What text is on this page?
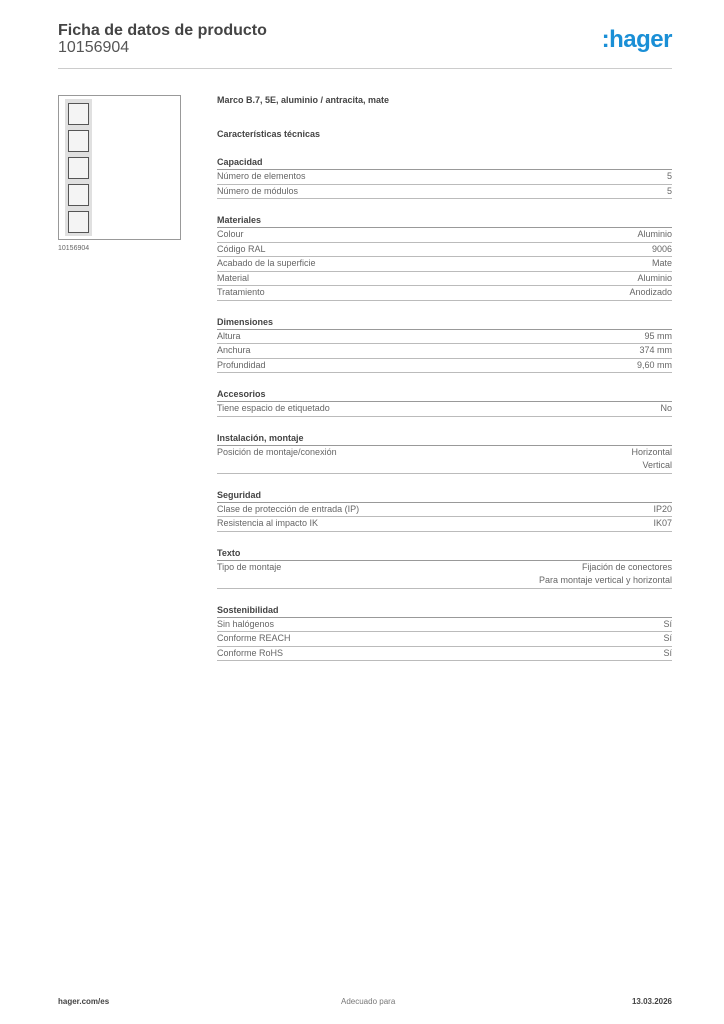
Ficha de datos de producto
10156904	:hager
10156904
Marco B.7, 5E, aluminio / antracita, mate
Características técnicas
Capacidad
Número de elementos	5
Número de módulos	5
Materiales
Colour	Aluminio
Código RAL	9006
Acabado de la superficie	Mate
Material	Aluminio
Tratamiento	Anodizado
Dimensiones
Altura	95 mm
Anchura	374 mm
Profundidad	9,60 mm
Accesorios
Tiene espacio de etiquetado	No
Instalación, montaje
Posición de montaje/conexión	Horizontal
Vertical
Seguridad
Clase de protección de entrada (IP)	IP20
Resistencia al impacto IK	IK07
Texto
Tipo de montaje	Fijación de conectores
Para montaje vertical y horizontal
Sostenibilidad
Sin halógenos	Sí
Conforme REACH	Sí
Conforme RoHS	Sí
hager.com/es	Adecuado para	13.03.2026
